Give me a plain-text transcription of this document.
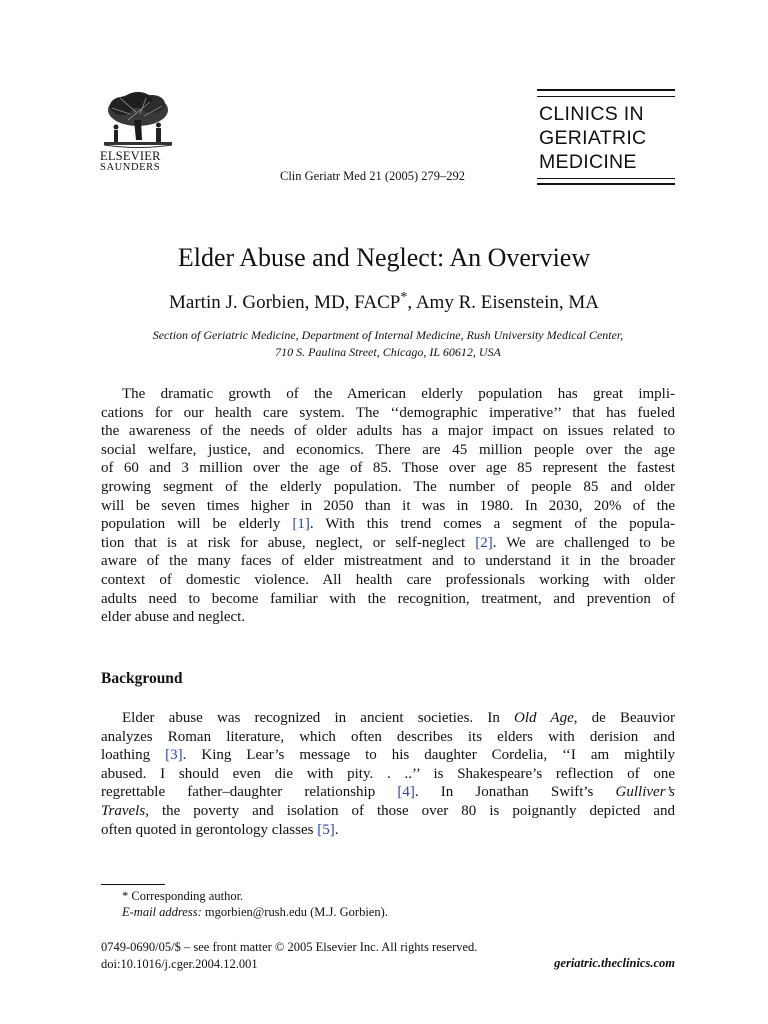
ELSEVIER
SAUNDERS
Clin Geriatr Med 21 (2005) 279–292
CLINICS IN
GERIATRIC
MEDICINE
Elder Abuse and Neglect: An Overview
Martin J. Gorbien, MD, FACP*, Amy R. Eisenstein, MA
Section of Geriatric Medicine, Department of Internal Medicine, Rush University Medical Center,
710 S. Paulina Street, Chicago, IL 60612, USA
The dramatic growth of the American elderly population has great impli-
cations for our health care system. The ‘‘demographic imperative’’ that has fueled
the awareness of the needs of older adults has a major impact on issues related to
social welfare, justice, and economics. There are 45 million people over the age
of 60 and 3 million over the age of 85. Those over age 85 represent the fastest
growing segment of the elderly population. The number of people 85 and older
will be seven times higher in 2050 than it was in 1980. In 2030, 20% of the
population will be elderly [1]. With this trend comes a segment of the popula-
tion that is at risk for abuse, neglect, or self-neglect [2]. We are challenged to be
aware of the many faces of elder mistreatment and to understand it in the broader
context of domestic violence. All health care professionals working with older
adults need to become familiar with the recognition, treatment, and prevention of
elder abuse and neglect.
Background
Elder abuse was recognized in ancient societies. In Old Age, de Beauvior
analyzes Roman literature, which often describes its elders with derision and
loathing [3]. King Lear’s message to his daughter Cordelia, ‘‘I am mightily
abused. I should even die with pity. . ..’’ is Shakespeare’s reflection of one
regrettable father–daughter relationship [4]. In Jonathan Swift’s Gulliver’s
Travels, the poverty and isolation of those over 80 is poignantly depicted and
often quoted in gerontology classes [5].
* Corresponding author.
E-mail address: mgorbien@rush.edu (M.J. Gorbien).
0749-0690/05/$ – see front matter © 2005 Elsevier Inc. All rights reserved.
doi:10.1016/j.cger.2004.12.001	geriatric.theclinics.com
